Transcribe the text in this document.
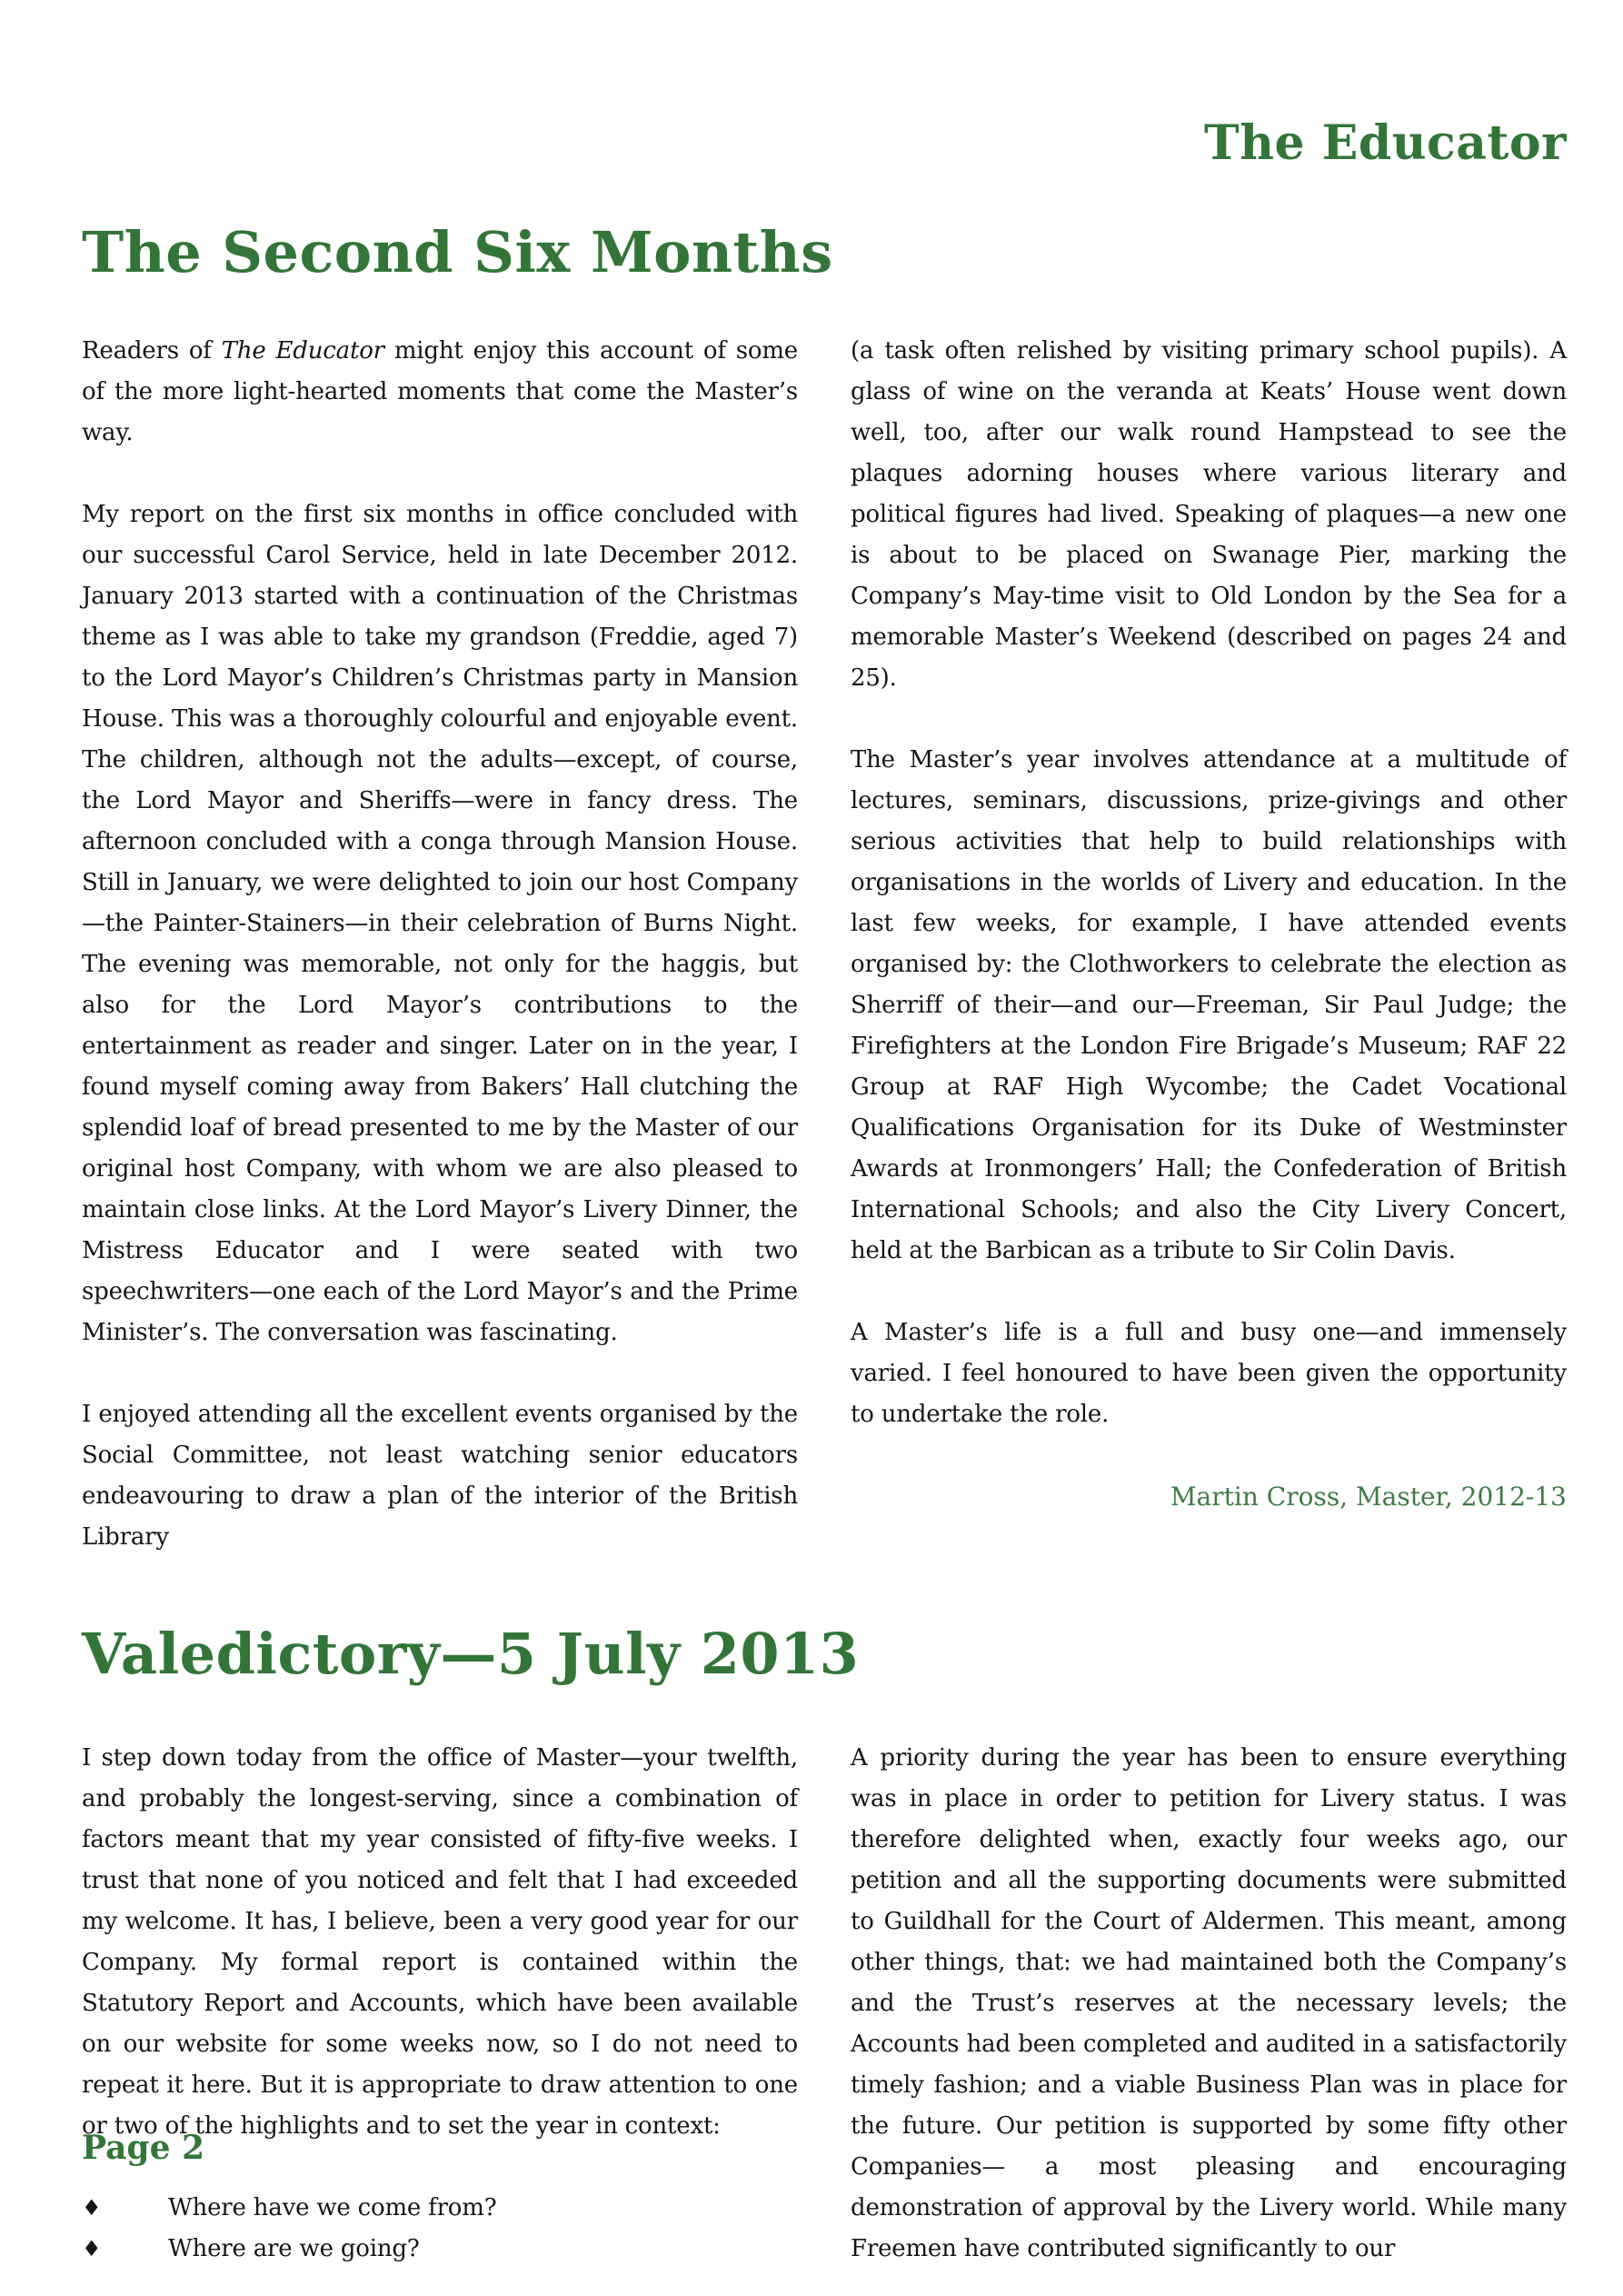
The Educator
The Second Six Months

Readers of The Educator might enjoy this account of some of the more light-hearted moments that come the Master’s way.

My report on the first six months in office concluded with our successful Carol Service, held in late December 2012. January 2013 started with a continuation of the Christmas theme as I was able to take my grandson (Freddie, aged 7) to the Lord Mayor’s Children’s Christmas party in Mansion House. This was a thoroughly colourful and enjoyable event. The children, although not the adults—except, of course, the Lord Mayor and Sheriffs—were in fancy dress. The afternoon concluded with a conga through Mansion House. Still in January, we were delighted to join our host Company—the Painter-Stainers—in their celebration of Burns Night. The evening was memorable, not only for the haggis, but also for the Lord Mayor’s contributions to the entertainment as reader and singer. Later on in the year, I found myself coming away from Bakers’ Hall clutching the splendid loaf of bread presented to me by the Master of our original host Company, with whom we are also pleased to maintain close links. At the Lord Mayor’s Livery Dinner, the Mistress Educator and I were seated with two speechwriters—one each of the Lord Mayor’s and the Prime Minister’s. The conversation was fascinating.

I enjoyed attending all the excellent events organised by the Social Committee, not least watching senior educators endeavouring to draw a plan of the interior of the British Library

(a task often relished by visiting primary school pupils). A glass of wine on the veranda at Keats’ House went down well, too, after our walk round Hampstead to see the plaques adorning houses where various literary and political figures had lived. Speaking of plaques—a new one is about to be placed on Swanage Pier, marking the Company’s May-time visit to Old London by the Sea for a memorable Master’s Weekend (described on pages 24 and 25).

The Master’s year involves attendance at a multitude of lectures, seminars, discussions, prize-givings and other serious activities that help to build relationships with organisations in the worlds of Livery and education. In the last few weeks, for example, I have attended events organised by: the Clothworkers to celebrate the election as Sherriff of their—and our—Freeman, Sir Paul Judge; the Firefighters at the London Fire Brigade’s Museum; RAF 22 Group at RAF High Wycombe; the Cadet Vocational Qualifications Organisation for its Duke of Westminster Awards at Ironmongers’ Hall; the Confederation of British International Schools; and also the City Livery Concert, held at the Barbican as a tribute to Sir Colin Davis.

A Master’s life is a full and busy one—and immensely varied. I feel honoured to have been given the opportunity to undertake the role.

Martin Cross, Master, 2012-13
Valedictory—5 July 2013

I step down today from the office of Master—your twelfth, and probably the longest-serving, since a combination of factors meant that my year consisted of fifty-five weeks. I trust that none of you noticed and felt that I had exceeded my welcome. It has, I believe, been a very good year for our Company. My formal report is contained within the Statutory Report and Accounts, which have been available on our website for some weeks now, so I do not need to repeat it here. But it is appropriate to draw attention to one or two of the highlights and to set the year in context:

♦	Where have we come from?
♦	Where are we going?

A priority during the year has been to ensure everything was in place in order to petition for Livery status. I was therefore delighted when, exactly four weeks ago, our petition and all the supporting documents were submitted to Guildhall for the Court of Aldermen. This meant, among other things, that: we had maintained both the Company’s and the Trust’s reserves at the necessary levels; the Accounts had been completed and audited in a satisfactorily timely fashion; and a viable Business Plan was in place for the future. Our petition is supported by some fifty other Companies— a most pleasing and encouraging demonstration of approval by the Livery world. While many Freemen have contributed significantly to our

Page 2
